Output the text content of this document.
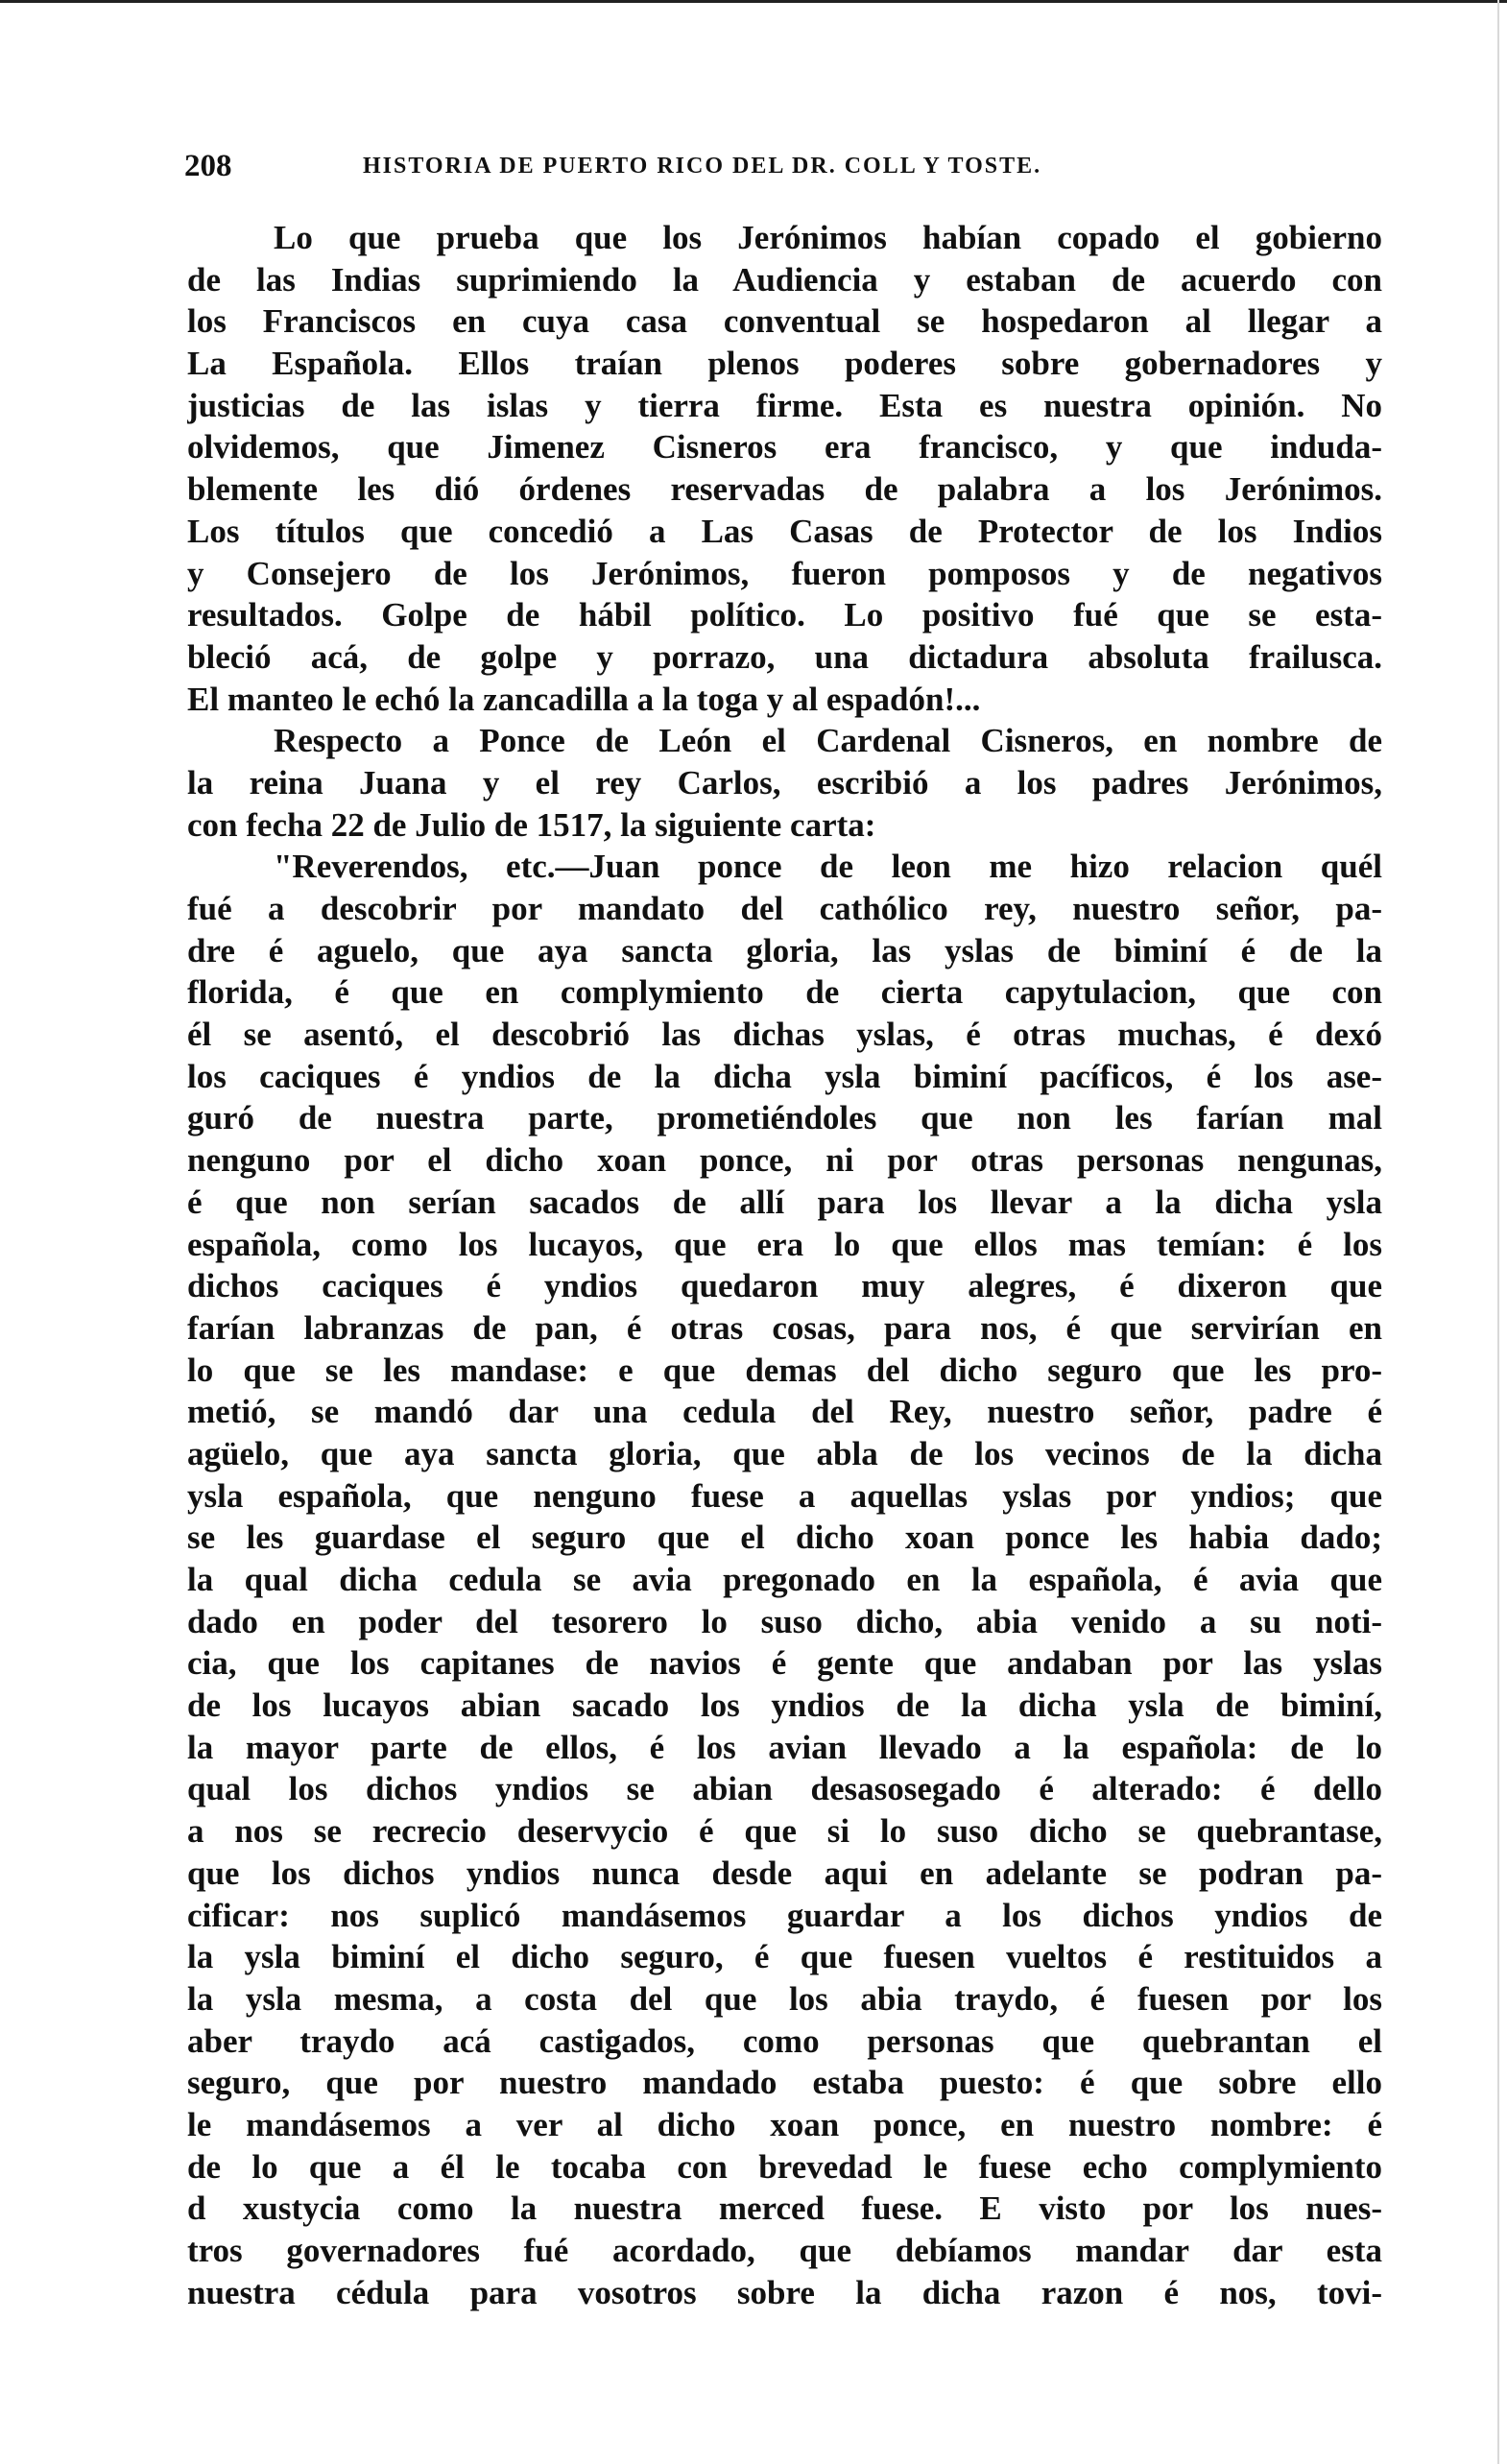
208	HISTORIA DE PUERTO RICO DEL DR. COLL Y TOSTE.
Lo que prueba que los Jerónimos habían copado el gobierno
de las Indias suprimiendo la Audiencia y estaban de acuerdo con
los Franciscos en cuya casa conventual se hospedaron al llegar a
La Española. Ellos traían plenos poderes sobre gobernadores y
justicias de las islas y tierra firme. Esta es nuestra opinión. No
olvidemos, que Jimenez Cisneros era francisco, y que induda-
blemente les dió órdenes reservadas de palabra a los Jerónimos.
Los títulos que concedió a Las Casas de Protector de los Indios
y Consejero de los Jerónimos, fueron pomposos y de negativos
resultados. Golpe de hábil político. Lo positivo fué que se esta-
bleció acá, de golpe y porrazo, una dictadura absoluta frailusca.
El manteo le echó la zancadilla a la toga y al espadón!...
Respecto a Ponce de León el Cardenal Cisneros, en nombre de
la reina Juana y el rey Carlos, escribió a los padres Jerónimos,
con fecha 22 de Julio de 1517, la siguiente carta:
"Reverendos, etc.—Juan ponce de leon me hizo relacion quél
fué a descobrir por mandato del cathólico rey, nuestro señor, pa-
dre é aguelo, que aya sancta gloria, las yslas de biminí é de la
florida, é que en complymiento de cierta capytulacion, que con
él se asentó, el descobrió las dichas yslas, é otras muchas, é dexó
los caciques é yndios de la dicha ysla biminí pacíficos, é los ase-
guró de nuestra parte, prometiéndoles que non les farían mal
nenguno por el dicho xoan ponce, ni por otras personas nengunas,
é que non serían sacados de allí para los llevar a la dicha ysla
española, como los lucayos, que era lo que ellos mas temían: é los
dichos caciques é yndios quedaron muy alegres, é dixeron que
farían labranzas de pan, é otras cosas, para nos, é que servirían en
lo que se les mandase: e que demas del dicho seguro que les pro-
metió, se mandó dar una cedula del Rey, nuestro señor, padre é
agüelo, que aya sancta gloria, que abla de los vecinos de la dicha
ysla española, que nenguno fuese a aquellas yslas por yndios; que
se les guardase el seguro que el dicho xoan ponce les habia dado;
la qual dicha cedula se avia pregonado en la española, é avia que
dado en poder del tesorero lo suso dicho, abia venido a su noti-
cia, que los capitanes de navios é gente que andaban por las yslas
de los lucayos abian sacado los yndios de la dicha ysla de biminí,
la mayor parte de ellos, é los avian llevado a la española: de lo
qual los dichos yndios se abian desasosegado é alterado: é dello
a nos se recrecio deservycio é que si lo suso dicho se quebrantase,
que los dichos yndios nunca desde aqui en adelante se podran pa-
cificar: nos suplicó mandásemos guardar a los dichos yndios de
la ysla biminí el dicho seguro, é que fuesen vueltos é restituidos a
la ysla mesma, a costa del que los abia traydo, é fuesen por los
aber traydo acá castigados, como personas que quebrantan el
seguro, que por nuestro mandado estaba puesto: é que sobre ello
le mandásemos a ver al dicho xoan ponce, en nuestro nombre: é
de lo que a él le tocaba con brevedad le fuese echo complymiento
d xustycia como la nuestra merced fuese. E visto por los nues-
tros governadores fué acordado, que debíamos mandar dar esta
nuestra cédula para vosotros sobre la dicha razon é nos, tovi-
